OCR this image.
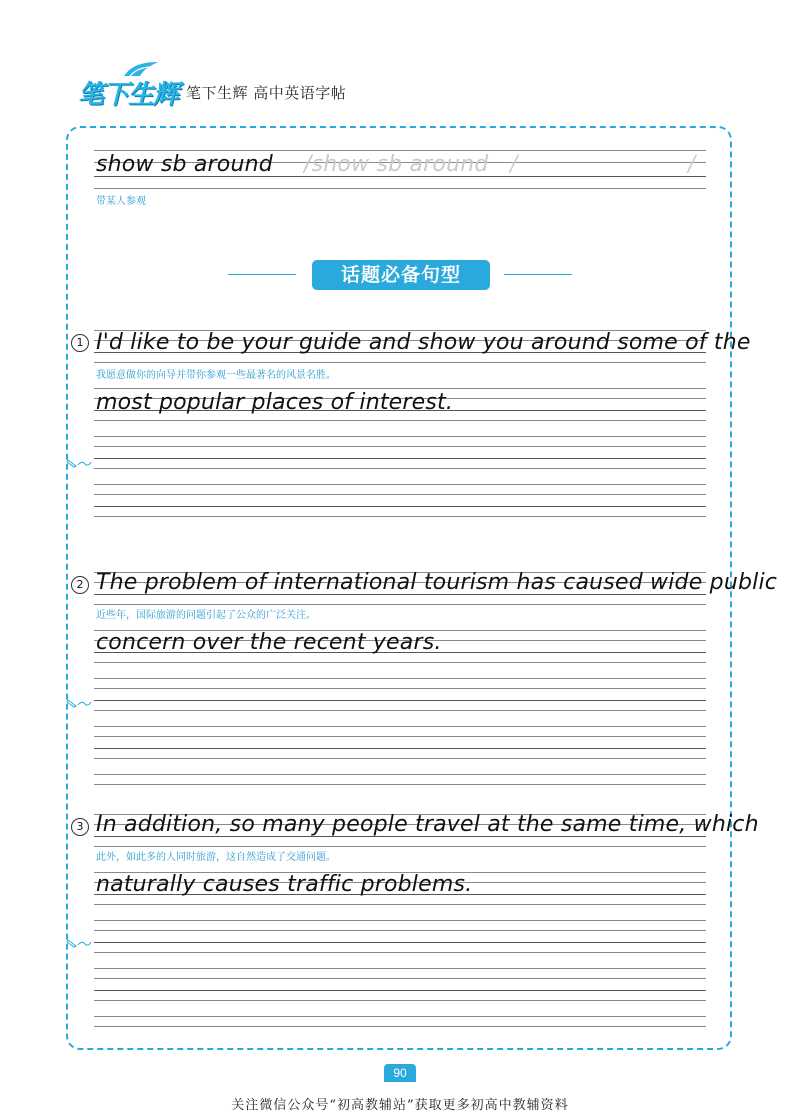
笔下生辉 笔下生辉 高中英语字帖
show sb around /show sb around /	/
带某人参观
话题必备句型
1 I'd like to be your guide and show you around some of the
我愿意做你的向导并带你参观一些最著名的风景名胜。
most popular places of interest.
2 The problem of international tourism has caused wide public
近些年，国际旅游的问题引起了公众的广泛关注。
concern over the recent years.
3 In addition, so many people travel at the same time, which
此外，如此多的人同时旅游，这自然造成了交通问题。
naturally causes traffic problems.
90
关注微信公众号“初高教辅站”获取更多初高中教辅资料
